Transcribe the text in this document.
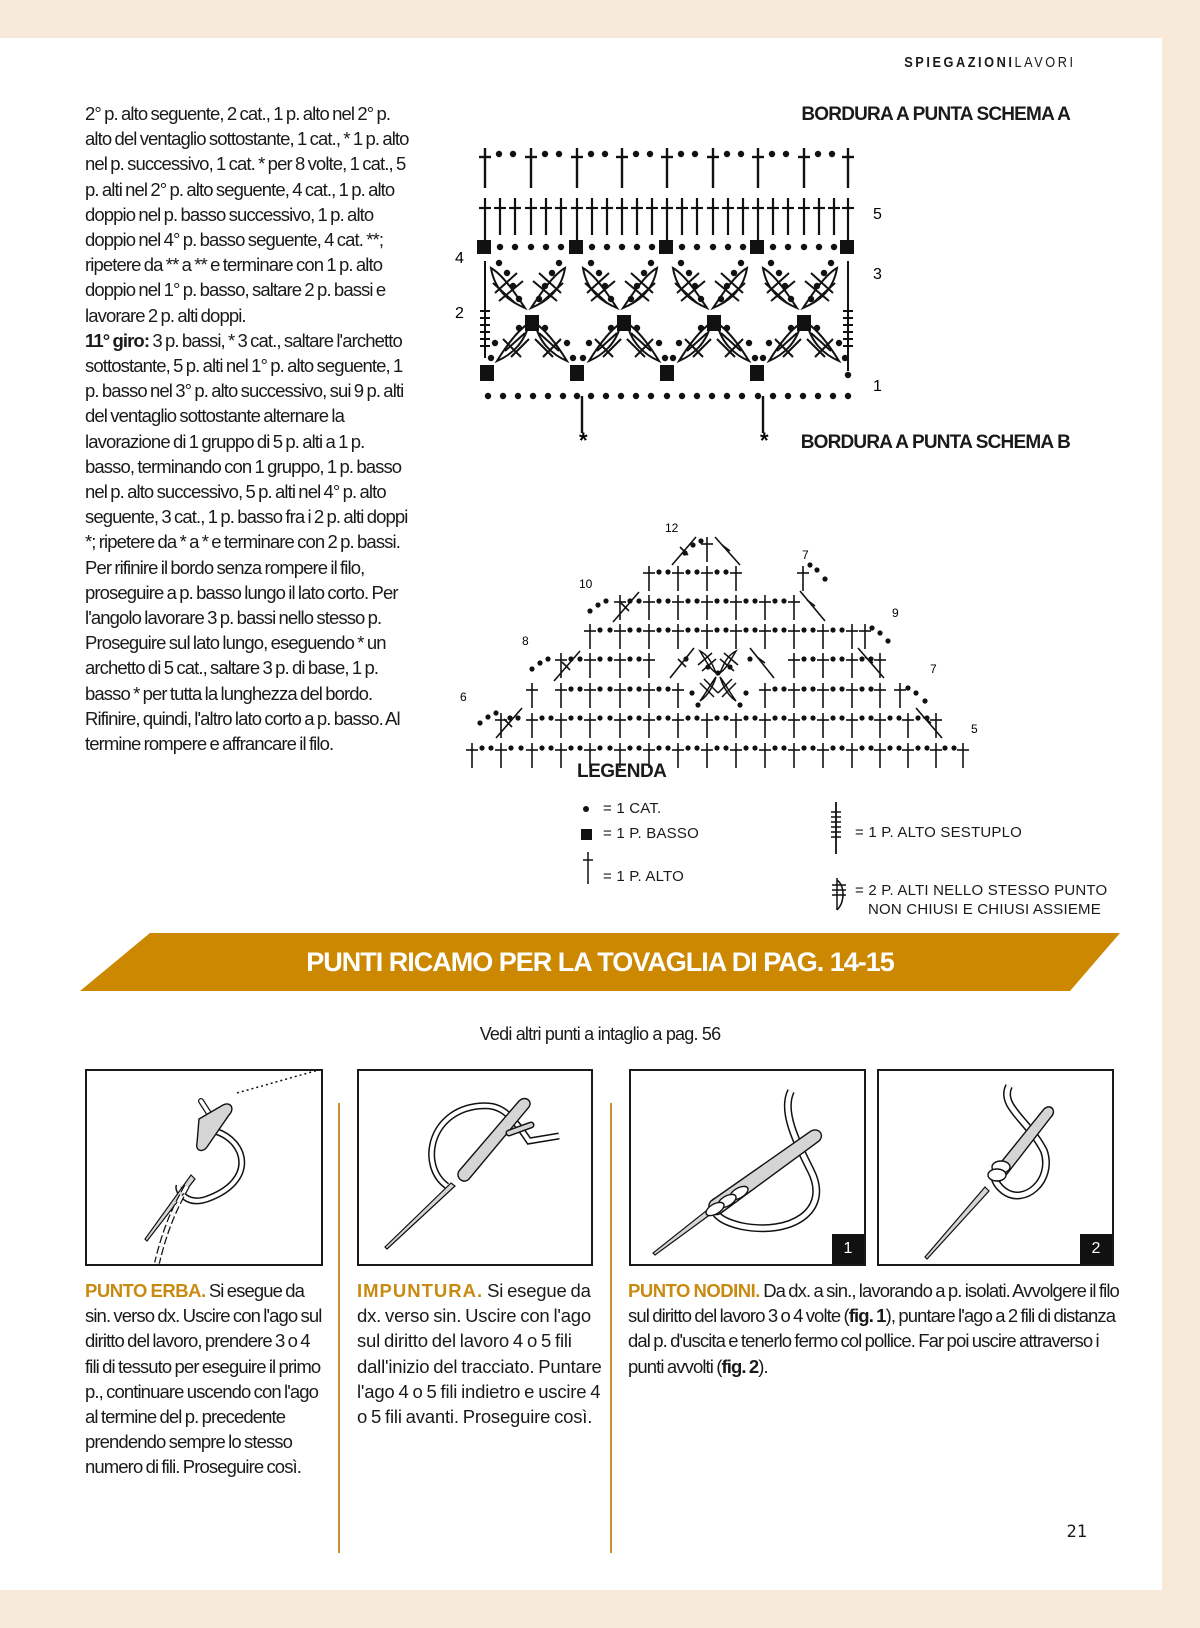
SPIEGAZIONILAVORI

2° p. alto seguente, 2 cat., 1 p. alto nel 2° p. alto del ventaglio sottostante, 1 cat., * 1 p. alto nel p. successivo, 1 cat. * per 8 volte, 1 cat., 5 p. alti nel 2° p. alto seguente, 4 cat., 1 p. alto doppio nel p. basso successivo, 1 p. alto doppio nel 4° p. basso seguente, 4 cat. **; ripetere da ** a ** e terminare con 1 p. alto doppio nel 1° p. basso, saltare 2 p. bassi e lavorare 2 p. alti doppi.

11° giro: 3 p. bassi, * 3 cat., saltare l'archetto sottostante, 5 p. alti nel 1° p. alto seguente, 1 p. basso nel 3° p. alto successivo, sui 9 p. alti del ventaglio sottostante alternare la lavorazione di 1 gruppo di 5 p. alti a 1 p. basso, terminando con 1 gruppo, 1 p. basso nel p. alto successivo, 5 p. alti nel 4° p. alto seguente, 3 cat., 1 p. basso fra i 2 p. alti doppi *; ripetere da * a * e terminare con 2 p. bassi. Per rifinire il bordo senza rompere il filo, proseguire a p. basso lungo il lato corto. Per l'angolo lavorare 3 p. bassi nello stesso p. Proseguire sul lato lungo, eseguendo * un archetto di 5 cat., saltare 3 p. di base, 1 p. basso * per tutta la lunghezza del bordo. Rifinire, quindi, l'altro lato corto a p. basso. Al termine rompere e affrancare il filo.

BORDURA A PUNTA SCHEMA A
*	*
4
2
5
3
1
BORDURA A PUNTA SCHEMA B
6
5
7
8
9
10
7
12
LEGENDA
= 1 CAT.
= 1 P. BASSO
= 1 P. ALTO
= 1 P. ALTO SESTUPLO
= 2 P. ALTI NELLO STESSO PUNTO
NON CHIUSI E CHIUSI ASSIEME
PUNTI RICAMO PER LA TOVAGLIA DI PAG. 14-15
Vedi altri punti a intaglio a pag. 56
1	2

PUNTO ERBA. Si esegue da sin. verso dx. Uscire con l'ago sul diritto del lavoro, prendere 3 o 4 fili di tessuto per eseguire il primo p., continuare uscendo con l'ago al termine del p. precedente prendendo sempre lo stesso numero di fili. Proseguire così.

IMPUNTURA. Si esegue da dx. verso sin. Uscire con l'ago sul diritto del lavoro 4 o 5 fili dall'inizio del tracciato. Puntare l'ago 4 o 5 fili indietro e uscire 4 o 5 fili avanti. Proseguire così.

PUNTO NODINI. Da dx. a sin., lavorando a p. isolati. Avvolgere il filo sul diritto del lavoro 3 o 4 volte (fig. 1), puntare l'ago a 2 fili di distanza dal p. d'uscita e tenerlo fermo col pollice. Far poi uscire attraverso i punti avvolti (fig. 2).

21
